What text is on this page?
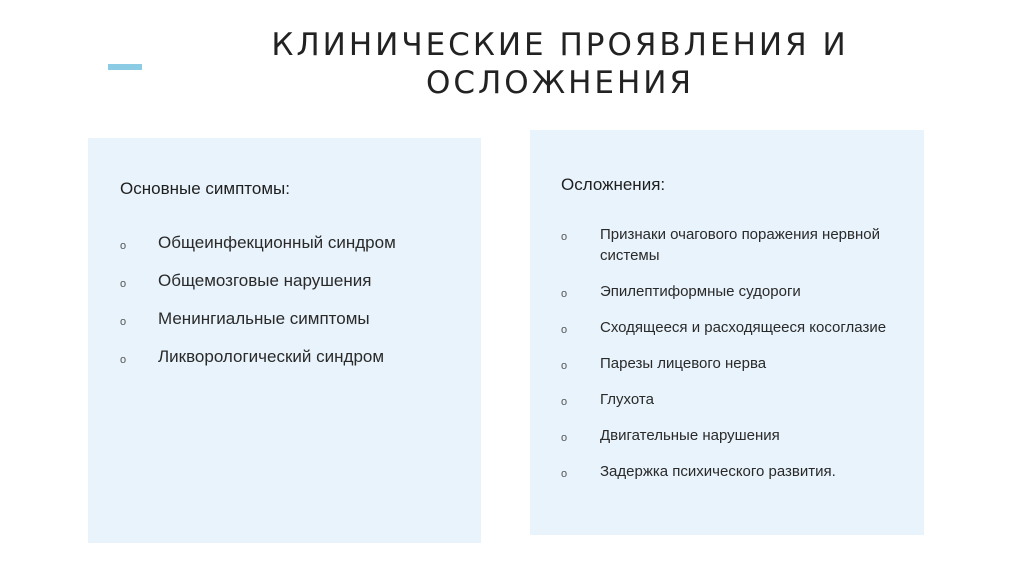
КЛИНИЧЕСКИЕ ПРОЯВЛЕНИЯ И
ОСЛОЖНЕНИЯ

Основные симптомы:

o Общеинфекционный синдром
o Общемозговые нарушения
o Менингиальные симптомы
o Ликворологический синдром

Осложнения:

o Признаки очагового поражения нервной системы
o Эпилептиформные судороги
o Сходящееся и расходящееся косоглазие
o Парезы лицевого нерва
o Глухота
o Двигательные нарушения
o Задержка психического развития.
